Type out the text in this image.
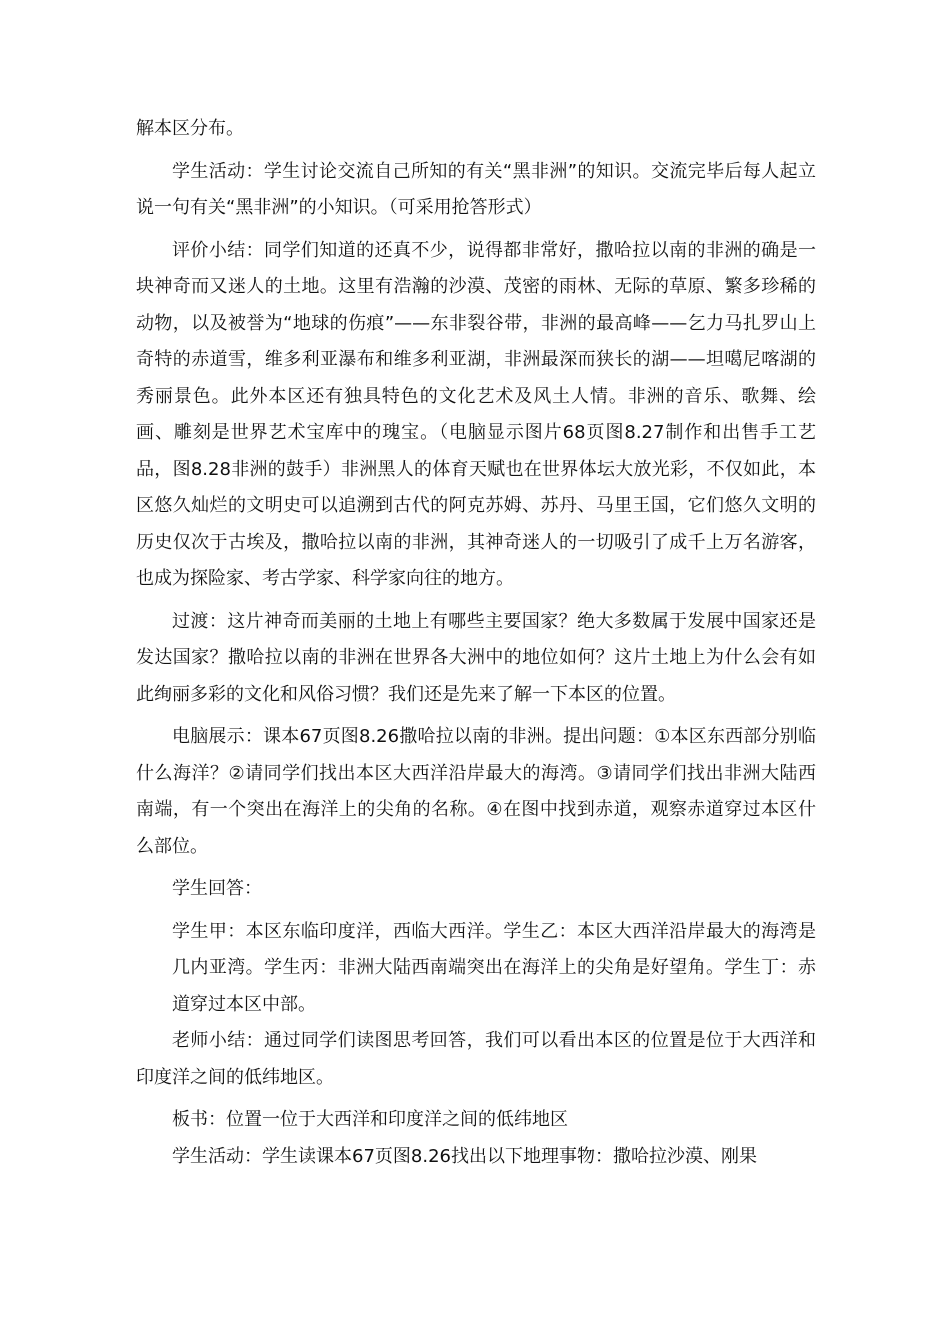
解本区分布。

学生活动：学生讨论交流自己所知的有关“黑非洲”的知识。交流完毕后每人起立说一句有关“黑非洲”的小知识。（可采用抢答形式）

评价小结：同学们知道的还真不少，说得都非常好，撒哈拉以南的非洲的确是一块神奇而又迷人的土地。这里有浩瀚的沙漠、茂密的雨林、无际的草原、繁多珍稀的动物，以及被誉为“地球的伤痕”——东非裂谷带，非洲的最高峰——乞力马扎罗山上奇特的赤道雪，维多利亚瀑布和维多利亚湖，非洲最深而狭长的湖——坦噶尼喀湖的秀丽景色。此外本区还有独具特色的文化艺术及风土人情。非洲的音乐、歌舞、绘画、雕刻是世界艺术宝库中的瑰宝。（电脑显示图片68页图8.27制作和出售手工艺品，图8.28非洲的鼓手）非洲黑人的体育天赋也在世界体坛大放光彩，不仅如此，本区悠久灿烂的文明史可以追溯到古代的阿克苏姆、苏丹、马里王国，它们悠久文明的历史仅次于古埃及，撒哈拉以南的非洲，其神奇迷人的一切吸引了成千上万名游客，也成为探险家、考古学家、科学家向往的地方。

过渡：这片神奇而美丽的土地上有哪些主要国家？绝大多数属于发展中国家还是发达国家？撒哈拉以南的非洲在世界各大洲中的地位如何？这片土地上为什么会有如此绚丽多彩的文化和风俗习惯？我们还是先来了解一下本区的位置。

电脑展示：课本67页图8.26撒哈拉以南的非洲。提出问题：①本区东西部分别临什么海洋？②请同学们找出本区大西洋沿岸最大的海湾。③请同学们找出非洲大陆西南端，有一个突出在海洋上的尖角的名称。④在图中找到赤道，观察赤道穿过本区什么部位。

学生回答：

学生甲：本区东临印度洋，西临大西洋。学生乙：本区大西洋沿岸最大的海湾是几内亚湾。学生丙：非洲大陆西南端突出在海洋上的尖角是好望角。学生丁：赤道穿过本区中部。

老师小结：通过同学们读图思考回答，我们可以看出本区的位置是位于大西洋和印度洋之间的低纬地区。

板书：位置一位于大西洋和印度洋之间的低纬地区

学生活动：学生读课本67页图8.26找出以下地理事物：撒哈拉沙漠、刚果
